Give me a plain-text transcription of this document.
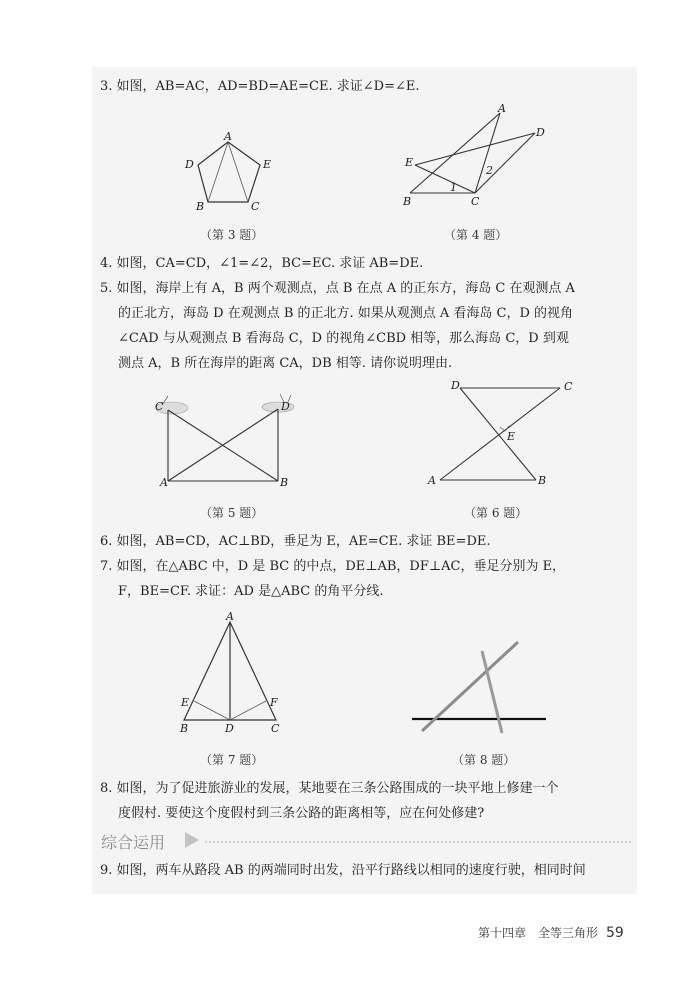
3. 如图，AB=AC，AD=BD=AE=CE. 求证∠D=∠E.
A
D	E
B	C
（第 3 题）
A
D
E
B	C
1
2
（第 4 题）
4. 如图，CA=CD，∠1=∠2，BC=EC. 求证 AB=DE.
5. 如图，海岸上有 A，B 两个观测点，点 B 在点 A 的正东方，海岛 C 在观测点 A
的正北方，海岛 D 在观测点 B 的正北方. 如果从观测点 A 看海岛 C，D 的视角
∠CAD 与从观测点 B 看海岛 C，D 的视角∠CBD 相等，那么海岛 C，D 到观
测点 A，B 所在海岸的距离 CA，DB 相等. 请你说明理由.
C	D
A	B
（第 5 题）
D	C
E
A	B
（第 6 题）
6. 如图，AB=CD，AC⊥BD，垂足为 E，AE=CE. 求证 BE=DE.
7. 如图，在△ABC 中，D 是 BC 的中点，DE⊥AB，DF⊥AC，垂足分别为 E，
F，BE=CF. 求证：AD 是△ABC 的角平分线.
A
E	F
B	D	C
（第 7 题）	（第 8 题）
8. 如图，为了促进旅游业的发展，某地要在三条公路围成的一块平地上修建一个
度假村. 要使这个度假村到三条公路的距离相等，应在何处修建?
综合运用
9. 如图，两车从路段 AB 的两端同时出发，沿平行路线以相同的速度行驶，相同时间
第十四章　全等三角形 59
